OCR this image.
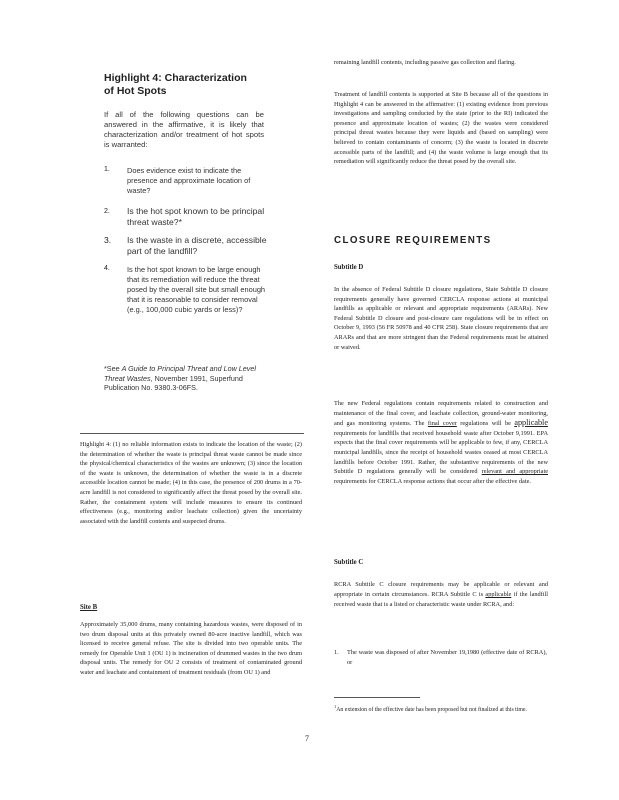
Highlight 4: Characterization
of Hot Spots
If all of the following questions can be answered in the affirmative, it is likely that characterization and/or treatment of hot spots is warranted:
1. Does evidence exist to indicate the presence and approximate location of waste?
2. Is the hot spot known to be principal threat waste?*
3. Is the waste in a discrete, accessible part of the landfill?
4. Is the hot spot known to be large enough that its remediation will reduce the threat posed by the overall site but small enough that it is reasonable to consider removal (e.g., 100,000 cubic yards or less)?
*See A Guide to Principal Threat and Low Level Threat Wastes, November 1991, Superfund Publication No. 9380.3-06FS.
Highlight 4: (1) no reliable information exists to indicate the location of the waste; (2) the determination of whether the waste is principal threat waste cannot be made since the physical/chemical characteristics of the wastes are unknown; (3) since the location of the waste is unknown, the determination of whether the waste is in a discrete accessible location cannot be made; (4) in this case, the presence of 200 drums in a 70-acre landfill is not considered to significantly affect the threat posed by the overall site. Rather, the containment system will include measures to ensure its continued effectiveness (e.g., monitoring and/or leachate collection) given the uncertainty associated with the landfill contents and suspected drums.
Site B
Approximately 35,000 drums, many containing hazardous wastes, were disposed of in two drum disposal units at this privately owned 80-acre inactive landfill, which was licensed to receive general refuse. The site is divided into two operable units. The remedy for Operable Unit 1 (OU 1) is incineration of drummed wastes in the two drum disposal units. The remedy for OU 2 consists of treatment of contaminated ground water and leachate and containment of treatment residuals (from OU 1) and
remaining landfill contents, including passive gas collection and flaring.
Treatment of landfill contents is supported at Site B because all of the questions in Highlight 4 can be answered in the affirmative: (1) existing evidence from previous investigations and sampling conducted by the state (prior to the RI) indicated the presence and approximate location of wastes; (2) the wastes were considered principal threat wastes because they were liquids and (based on sampling) were believed to contain contaminants of concern; (3) the waste is located in discrete accessible parts of the landfill; and (4) the waste volume is large enough that its remediation will significantly reduce the threat posed by the overall site.
CLOSURE REQUIREMENTS
Subtitle D
In the absence of Federal Subtitle D closure regulations, State Subtitle D closure requirements generally have governed CERCLA response actions at municipal landfills as applicable or relevant and appropriate requirements (ARARs). New Federal Subtitle D closure and post-closure care regulations will be in effect on October 9, 1993 (56 FR 50978 and 40 CFR 258). State closure requirements that are ARARs and that are more stringent than the Federal requirements must be attained or waived.
The new Federal regulations contain requirements related to construction and maintenance of the final cover, and leachate collection, ground-water monitoring, and gas monitoring systems. The final cover regulations will be applicable requirements for landfills that received household waste after October 9,1991. EPA expects that the final cover requirements will be applicable to few, if any, CERCLA municipal landfills, since the receipt of household wastes ceased at most CERCLA landfills before October 1991. Rather, the substantive requirements of the new Subtitle D regulations generally will be considered relevant and appropriate requirements for CERCLA response actions that occur after the effective date.
Subtitle C
RCRA Subtitle C closure requirements may be applicable or relevant and appropriate in certain circumstances. RCRA Subtitle C is applicable if the landfill received waste that is a listed or characteristic waste under RCRA, and:
1. The waste was disposed of after November 19,1980 (effective date of RCRA), or
$^1$An extension of the effective date has been proposed but not finalized at this time.
7
